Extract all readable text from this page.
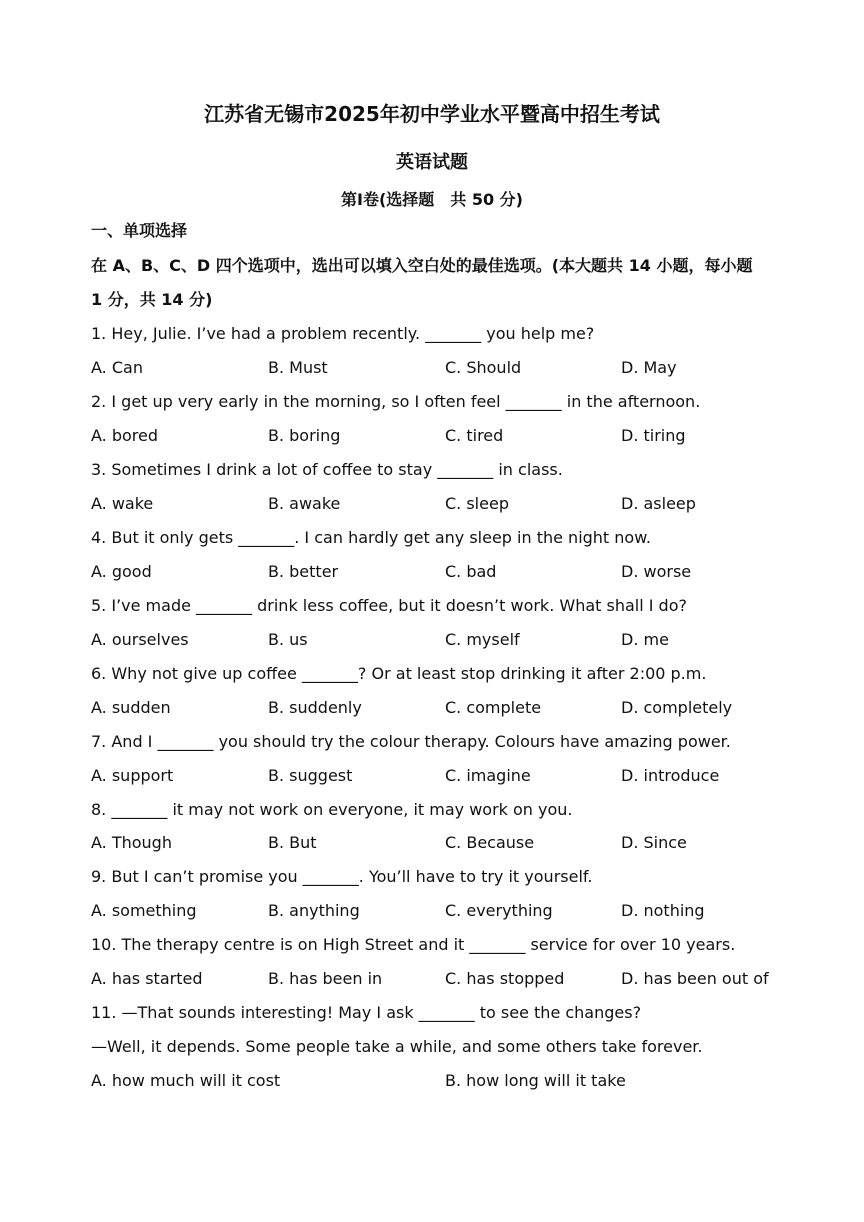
江苏省无锡市2025年初中学业水平暨高中招生考试
英语试题
第Ⅰ卷(选择题　共 50 分)
一、单项选择
在 A、B、C、D 四个选项中，选出可以填入空白处的最佳选项。(本大题共 14 小题，每小题
1 分，共 14 分)
1. Hey, Julie. I’ve had a problem recently. _______ you help me?
A. Can	B. Must	C. Should	D. May
2. I get up very early in the morning, so I often feel _______ in the afternoon.
A. bored	B. boring	C. tired	D. tiring
3. Sometimes I drink a lot of coffee to stay _______ in class.
A. wake	B. awake	C. sleep	D. asleep
4. But it only gets _______. I can hardly get any sleep in the night now.
A. good	B. better	C. bad	D. worse
5. I’ve made _______ drink less coffee, but it doesn’t work. What shall I do?
A. ourselves	B. us	C. myself	D. me
6. Why not give up coffee _______? Or at least stop drinking it after 2:00 p.m.
A. sudden	B. suddenly	C. complete	D. completely
7. And I _______ you should try the colour therapy. Colours have amazing power.
A. support	B. suggest	C. imagine	D. introduce
8. _______ it may not work on everyone, it may work on you.
A. Though	B. But	C. Because	D. Since
9. But I can’t promise you _______. You’ll have to try it yourself.
A. something	B. anything	C. everything	D. nothing
10. The therapy centre is on High Street and it _______ service for over 10 years.
A. has started	B. has been in	C. has stopped	D. has been out of
11. —That sounds interesting! May I ask _______ to see the changes?
—Well, it depends. Some people take a while, and some others take forever.
A. how much will it cost	B. how long will it take
